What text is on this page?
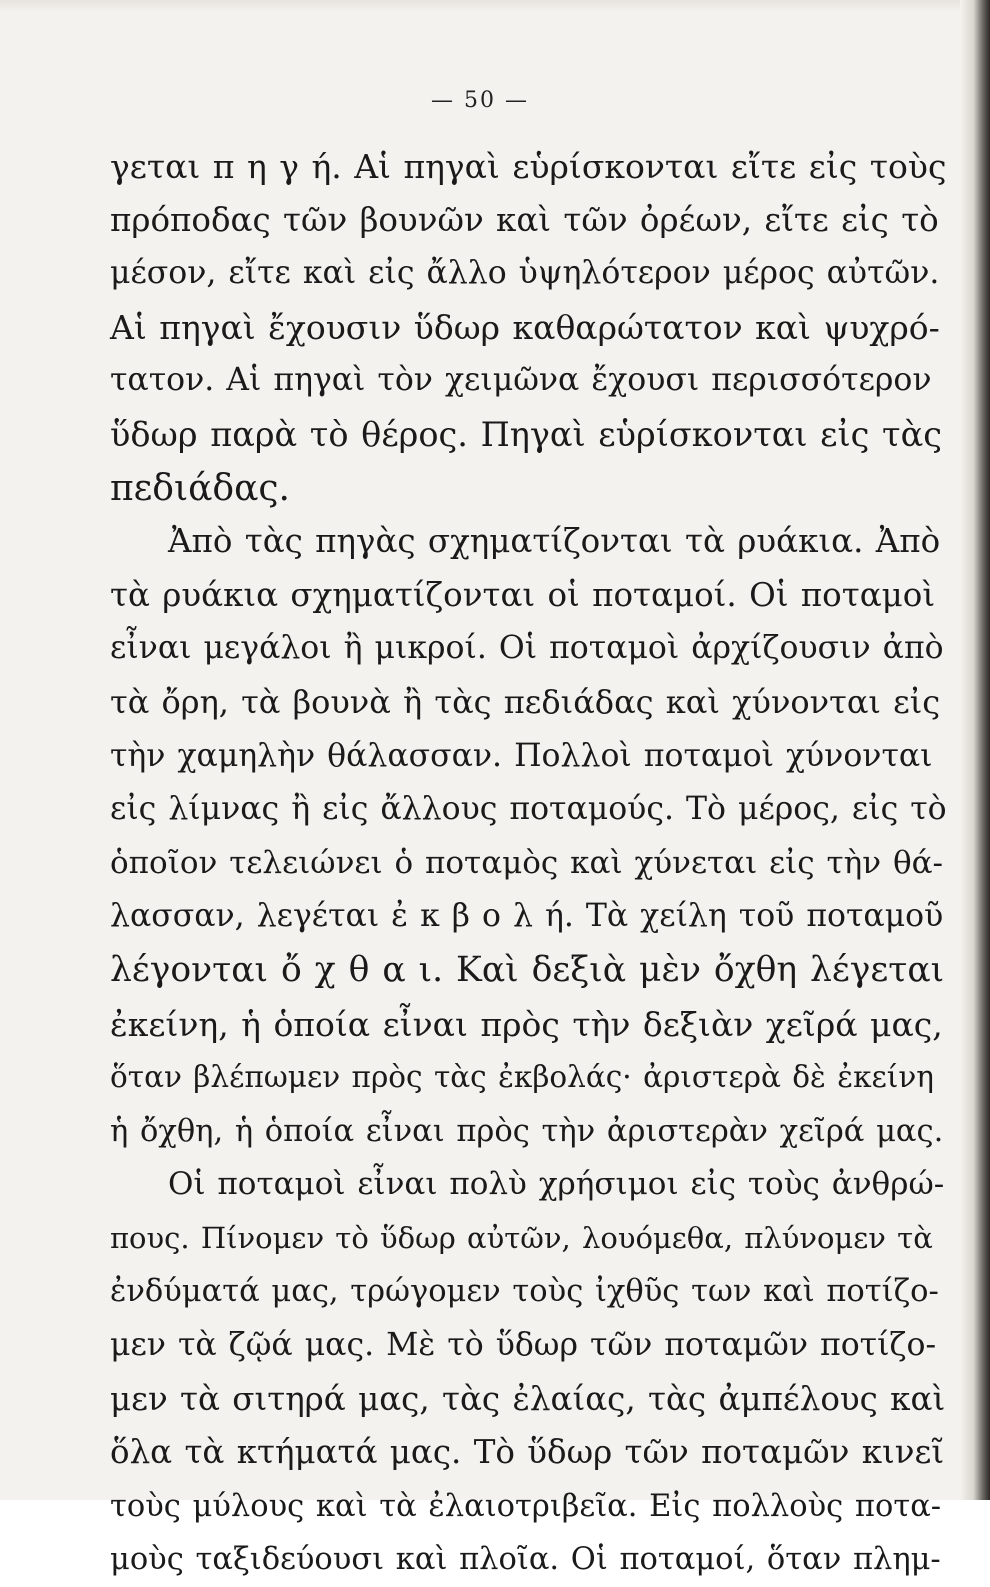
— 50 —
γεται π η γ ή. Αἱ πηγαὶ εὑρίσκονται εἴτε εἰς τοὺς
πρόποδας τῶν βουνῶν καὶ τῶν ὀρέων, εἴτε εἰς τὸ
μέσον, εἴτε καὶ εἰς ἄλλο ὑψηλότερον μέρος αὐτῶν.
Αἱ πηγαὶ ἔχουσιν ὕδωρ καθαρώτατον καὶ ψυχρό-
τατον. Αἱ πηγαὶ τὸν χειμῶνα ἔχουσι περισσότερον
ὕδωρ παρὰ τὸ θέρος. Πηγαὶ εὑρίσκονται εἰς τὰς
πεδιάδας.
Ἀπὸ τὰς πηγὰς σχηματίζονται τὰ ρυάκια. Ἀπὸ
τὰ ρυάκια σχηματίζονται οἱ ποταμοί. Οἱ ποταμοὶ
εἶναι μεγάλοι ἢ μικροί. Οἱ ποταμοὶ ἀρχίζουσιν ἀπὸ
τὰ ὄρη, τὰ βουνὰ ἢ τὰς πεδιάδας καὶ χύνονται εἰς
τὴν χαμηλὴν θάλασσαν. Πολλοὶ ποταμοὶ χύνονται
εἰς λίμνας ἢ εἰς ἄλλους ποταμούς. Τὸ μέρος, εἰς τὸ
ὁποῖον τελειώνει ὁ ποταμὸς καὶ χύνεται εἰς τὴν θά-
λασσαν, λεγέται ἐ κ β ο λ ή. Τὰ χείλη τοῦ ποταμοῦ
λέγονται ὄ χ θ α ι. Καὶ δεξιὰ μὲν ὄχθη λέγεται
ἐκείνη, ἡ ὁποία εἶναι πρὸς τὴν δεξιὰν χεῖρά μας,
ὅταν βλέπωμεν πρὸς τὰς ἐκβολάς· ἀριστερὰ δὲ ἐκείνη
ἡ ὄχθη, ἡ ὁποία εἶναι πρὸς τὴν ἀριστερὰν χεῖρά μας.
Οἱ ποταμοὶ εἶναι πολὺ χρήσιμοι εἰς τοὺς ἀνθρώ-
πους. Πίνομεν τὸ ὕδωρ αὐτῶν, λουόμεθα, πλύνομεν τὰ
ἐνδύματά μας, τρώγομεν τοὺς ἰχθῦς των καὶ ποτίζο-
μεν τὰ ζῷά μας. Μὲ τὸ ὕδωρ τῶν ποταμῶν ποτίζο-
μεν τὰ σιτηρά μας, τὰς ἐλαίας, τὰς ἀμπέλους καὶ
ὅλα τὰ κτήματά μας. Τὸ ὕδωρ τῶν ποταμῶν κινεῖ
τοὺς μύλους καὶ τὰ ἐλαιοτριβεῖα. Εἰς πολλοὺς ποτα-
μοὺς ταξιδεύουσι καὶ πλοῖα. Οἱ ποταμοί, ὅταν πλημ-
